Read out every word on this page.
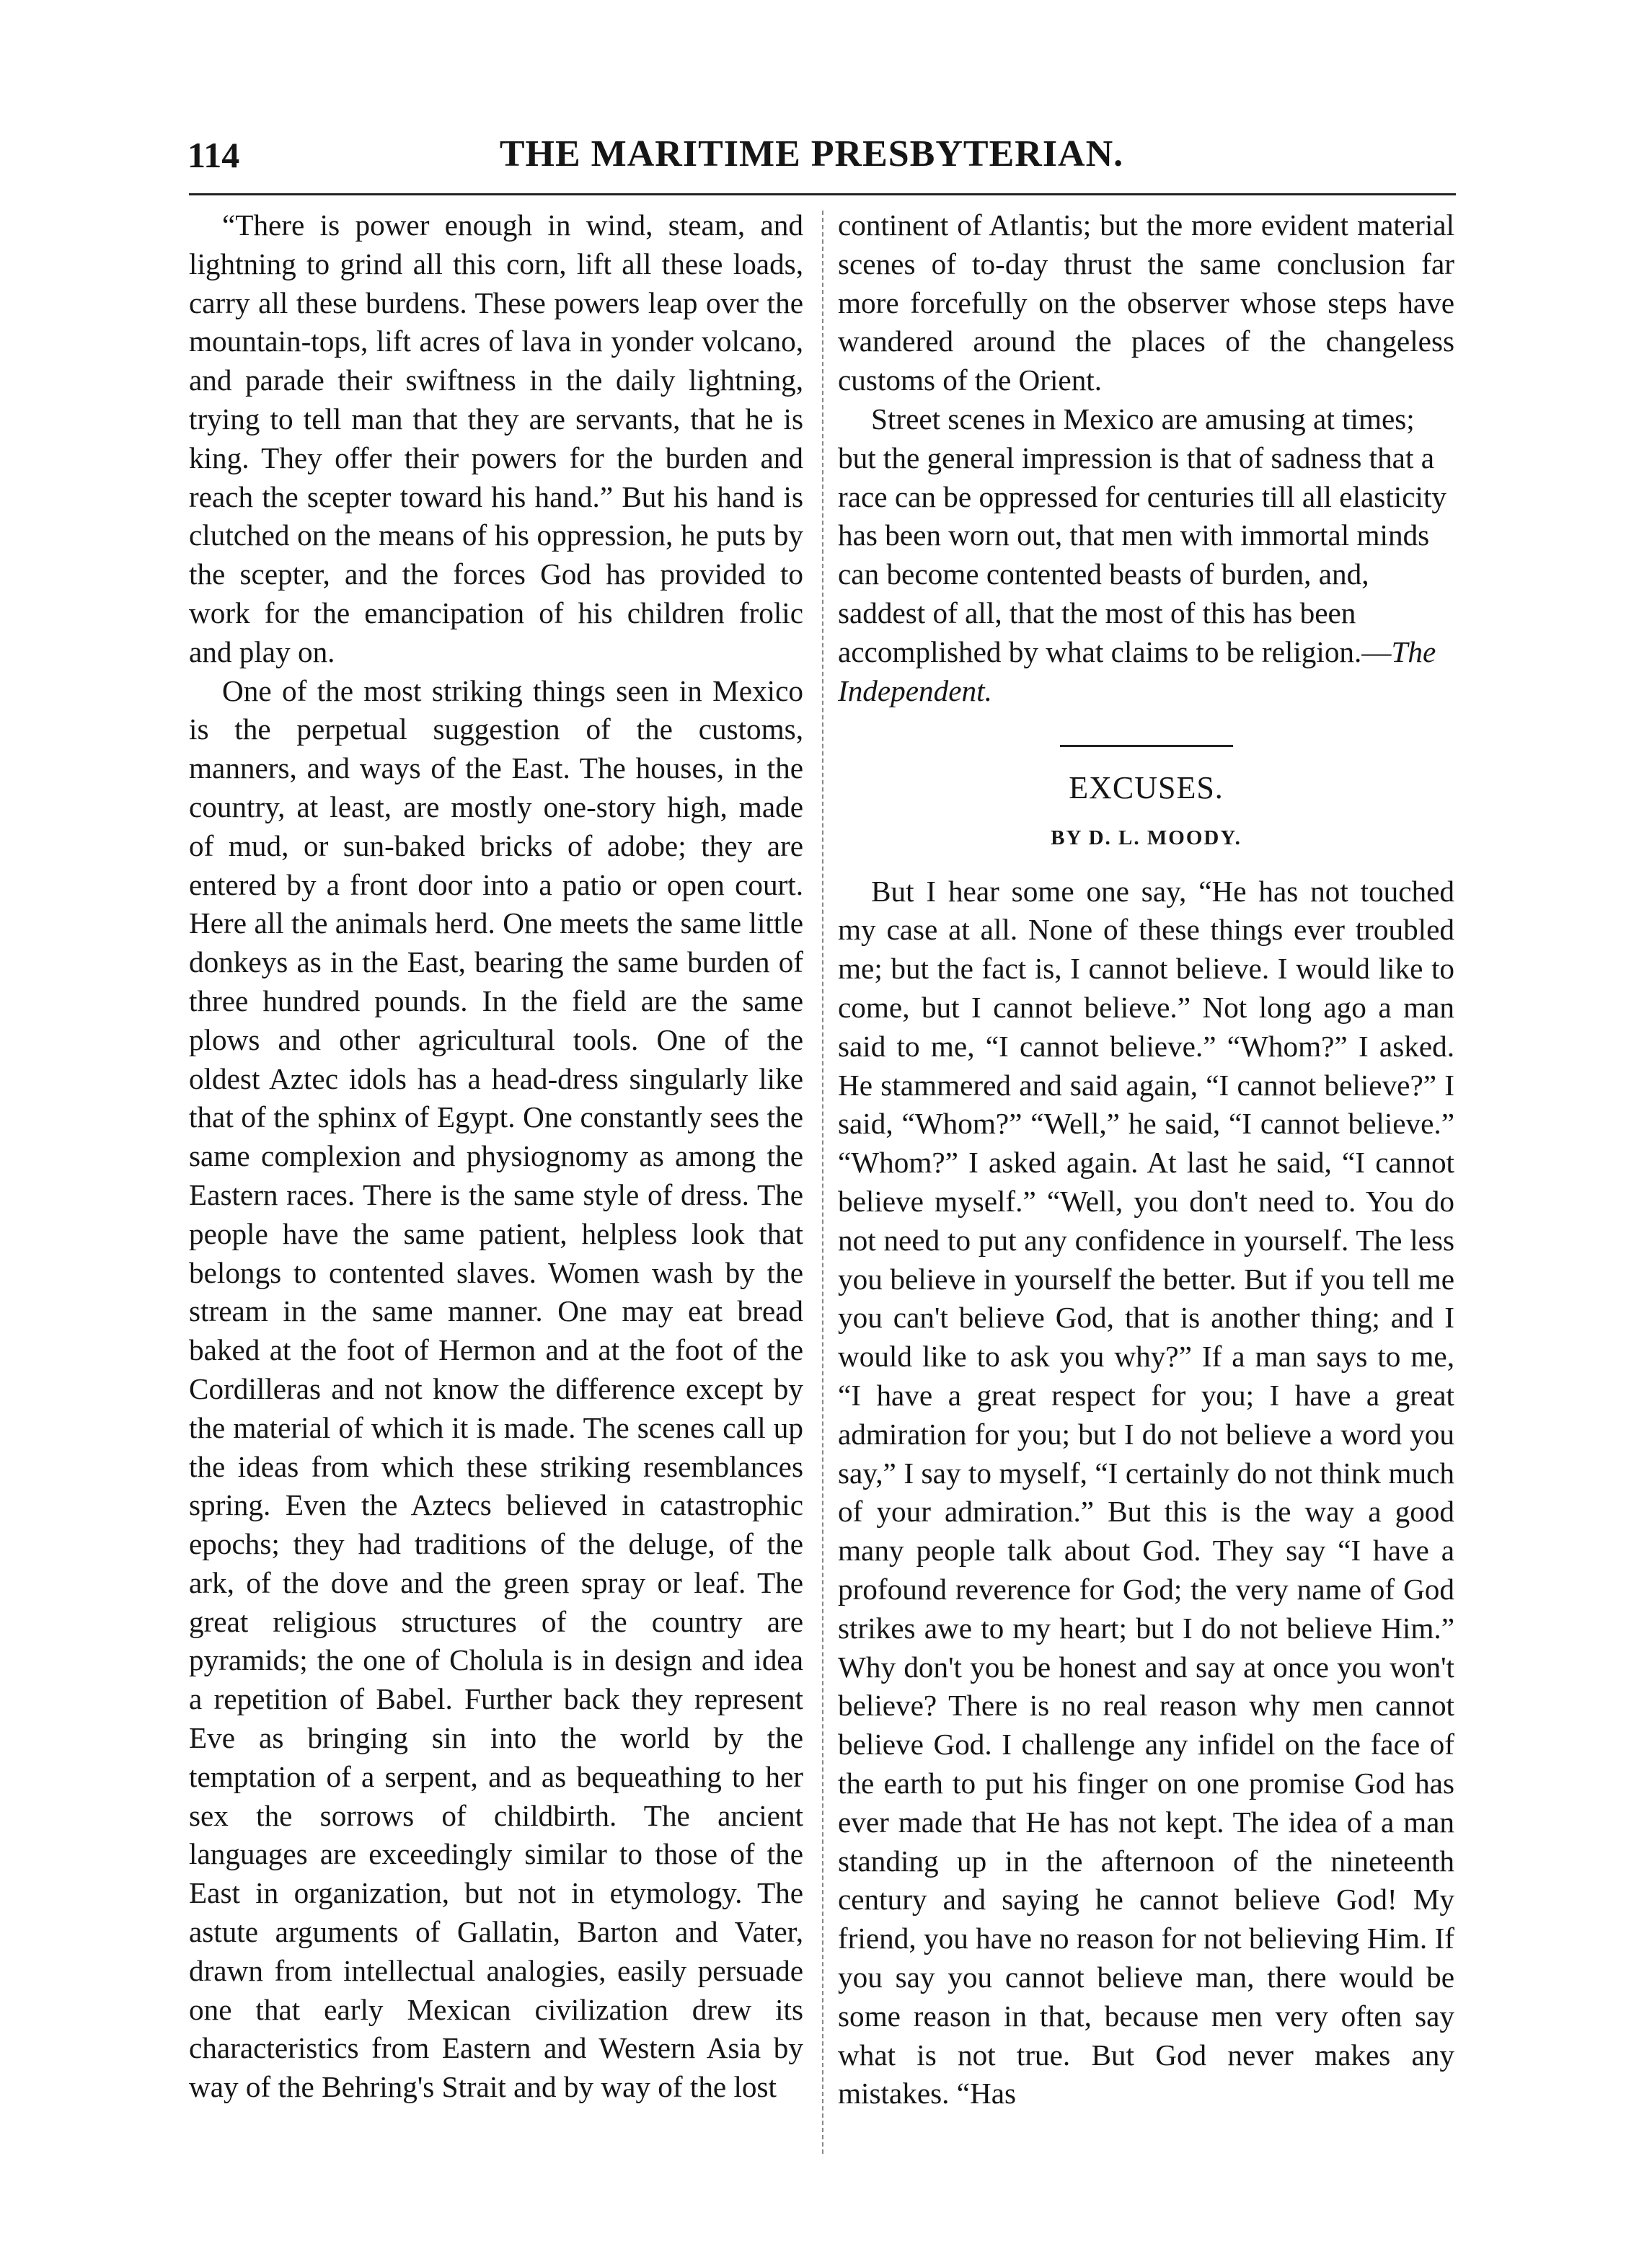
114	THE MARITIME PRESBYTERIAN.

“There is power enough in wind, steam, and lightning to grind all this corn, lift all these loads, carry all these burdens. These powers leap over the mountain-tops, lift acres of lava in yonder volcano, and parade their swiftness in the daily lightning, trying to tell man that they are servants, that he is king. They offer their powers for the burden and reach the scepter toward his hand.” But his hand is clutched on the means of his oppression, he puts by the scepter, and the forces God has provided to work for the emancipation of his children frolic and play on.

One of the most striking things seen in Mexico is the perpetual suggestion of the customs, manners, and ways of the East. The houses, in the country, at least, are mostly one-story high, made of mud, or sun-baked bricks of adobe; they are entered by a front door into a patio or open court. Here all the animals herd. One meets the same little donkeys as in the East, bearing the same burden of three hundred pounds. In the field are the same plows and other agricultural tools. One of the oldest Aztec idols has a head-dress singularly like that of the sphinx of Egypt. One constantly sees the same complexion and physiognomy as among the Eastern races. There is the same style of dress. The people have the same patient, helpless look that belongs to contented slaves. Women wash by the stream in the same manner. One may eat bread baked at the foot of Hermon and at the foot of the Cordilleras and not know the difference except by the material of which it is made. The scenes call up the ideas from which these striking resemblances spring. Even the Aztecs believed in catastrophic epochs; they had traditions of the deluge, of the ark, of the dove and the green spray or leaf. The great religious structures of the country are pyramids; the one of Cholula is in design and idea a repetition of Babel. Further back they represent Eve as bringing sin into the world by the temptation of a serpent, and as bequeathing to her sex the sorrows of childbirth. The ancient languages are exceedingly similar to those of the East in organization, but not in etymology. The astute arguments of Gallatin, Barton and Vater, drawn from intellectual analogies, easily persuade one that early Mexican civilization drew its characteristics from Eastern and Western Asia by way of the Behring's Strait and by way of the lost

continent of Atlantis; but the more evident material scenes of to-day thrust the same conclusion far more forcefully on the observer whose steps have wandered around the places of the changeless customs of the Orient.

Street scenes in Mexico are amusing at times; but the general impression is that of sadness that a race can be oppressed for centuries till all elasticity has been worn out, that men with immortal minds can become contented beasts of burden, and, saddest of all, that the most of this has been accomplished by what claims to be religion.—The Independent.

EXCUSES.
BY D. L. MOODY.

But I hear some one say, “He has not touched my case at all. None of these things ever troubled me; but the fact is, I cannot believe. I would like to come, but I cannot believe.” Not long ago a man said to me, “I cannot believe.” “Whom?” I asked. He stammered and said again, “I cannot believe?” I said, “Whom?” “Well,” he said, “I cannot believe.” “Whom?” I asked again. At last he said, “I cannot believe myself.” “Well, you don't need to. You do not need to put any confidence in yourself. The less you believe in yourself the better. But if you tell me you can't believe God, that is another thing; and I would like to ask you why?” If a man says to me, “I have a great respect for you; I have a great admiration for you; but I do not believe a word you say,” I say to myself, “I certainly do not think much of your admiration.” But this is the way a good many people talk about God. They say “I have a profound reverence for God; the very name of God strikes awe to my heart; but I do not believe Him.” Why don't you be honest and say at once you won't believe? There is no real reason why men cannot believe God. I challenge any infidel on the face of the earth to put his finger on one promise God has ever made that He has not kept. The idea of a man standing up in the afternoon of the nineteenth century and saying he cannot believe God! My friend, you have no reason for not believing Him. If you say you cannot believe man, there would be some reason in that, because men very often say what is not true. But God never makes any mistakes. “Has
